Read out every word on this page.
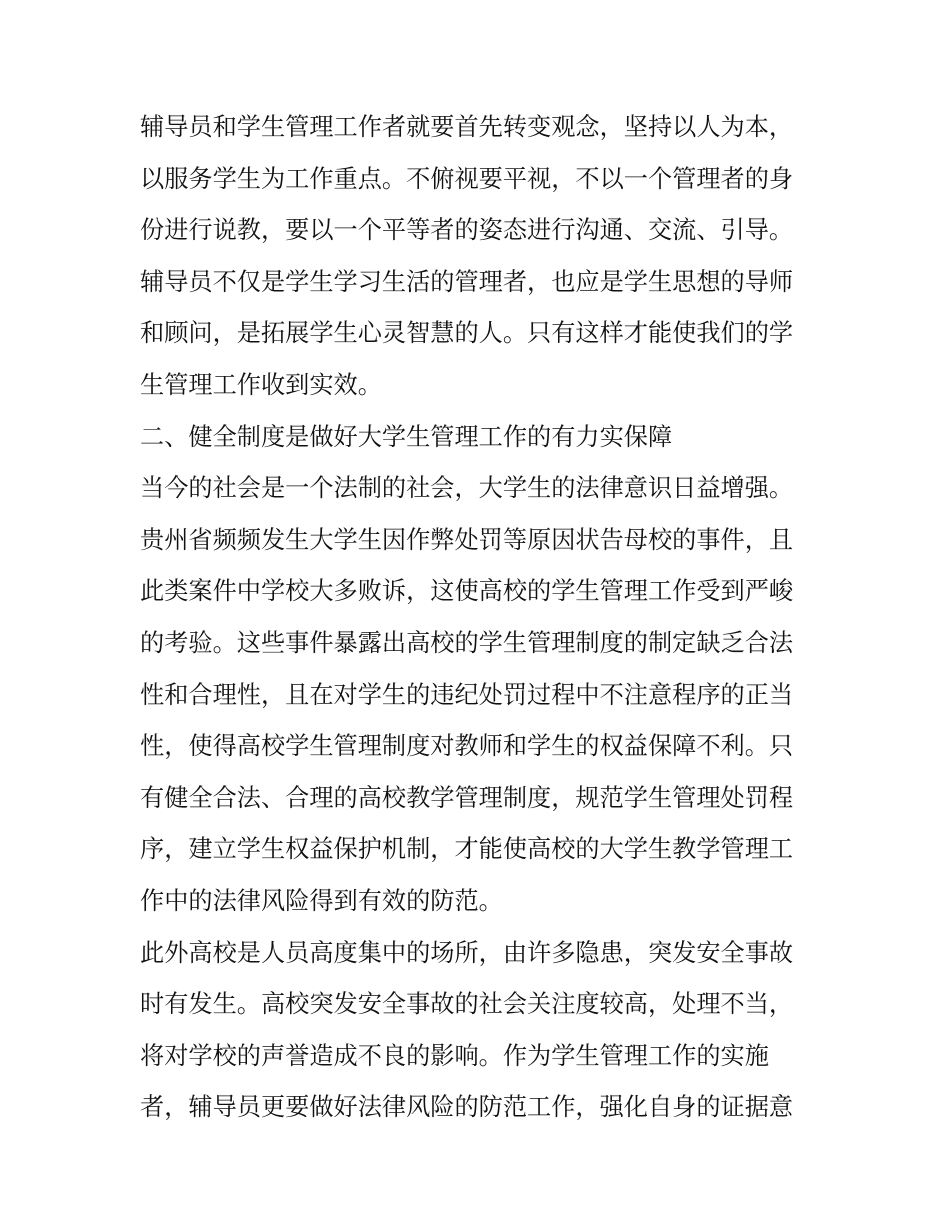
辅导员和学生管理工作者就要首先转变观念，坚持以人为本，
以服务学生为工作重点。不俯视要平视，不以一个管理者的身
份进行说教，要以一个平等者的姿态进行沟通、交流、引导。
辅导员不仅是学生学习生活的管理者，也应是学生思想的导师
和顾问，是拓展学生心灵智慧的人。只有这样才能使我们的学
生管理工作收到实效。
二、健全制度是做好大学生管理工作的有力实保障
当今的社会是一个法制的社会，大学生的法律意识日益增强。
贵州省频频发生大学生因作弊处罚等原因状告母校的事件，且
此类案件中学校大多败诉，这使高校的学生管理工作受到严峻
的考验。这些事件暴露出高校的学生管理制度的制定缺乏合法
性和合理性，且在对学生的违纪处罚过程中不注意程序的正当
性，使得高校学生管理制度对教师和学生的权益保障不利。只
有健全合法、合理的高校教学管理制度，规范学生管理处罚程
序，建立学生权益保护机制，才能使高校的大学生教学管理工
作中的法律风险得到有效的防范。
此外高校是人员高度集中的场所，由许多隐患，突发安全事故
时有发生。高校突发安全事故的社会关注度较高，处理不当，
将对学校的声誉造成不良的影响。作为学生管理工作的实施
者，辅导员更要做好法律风险的防范工作，强化自身的证据意
